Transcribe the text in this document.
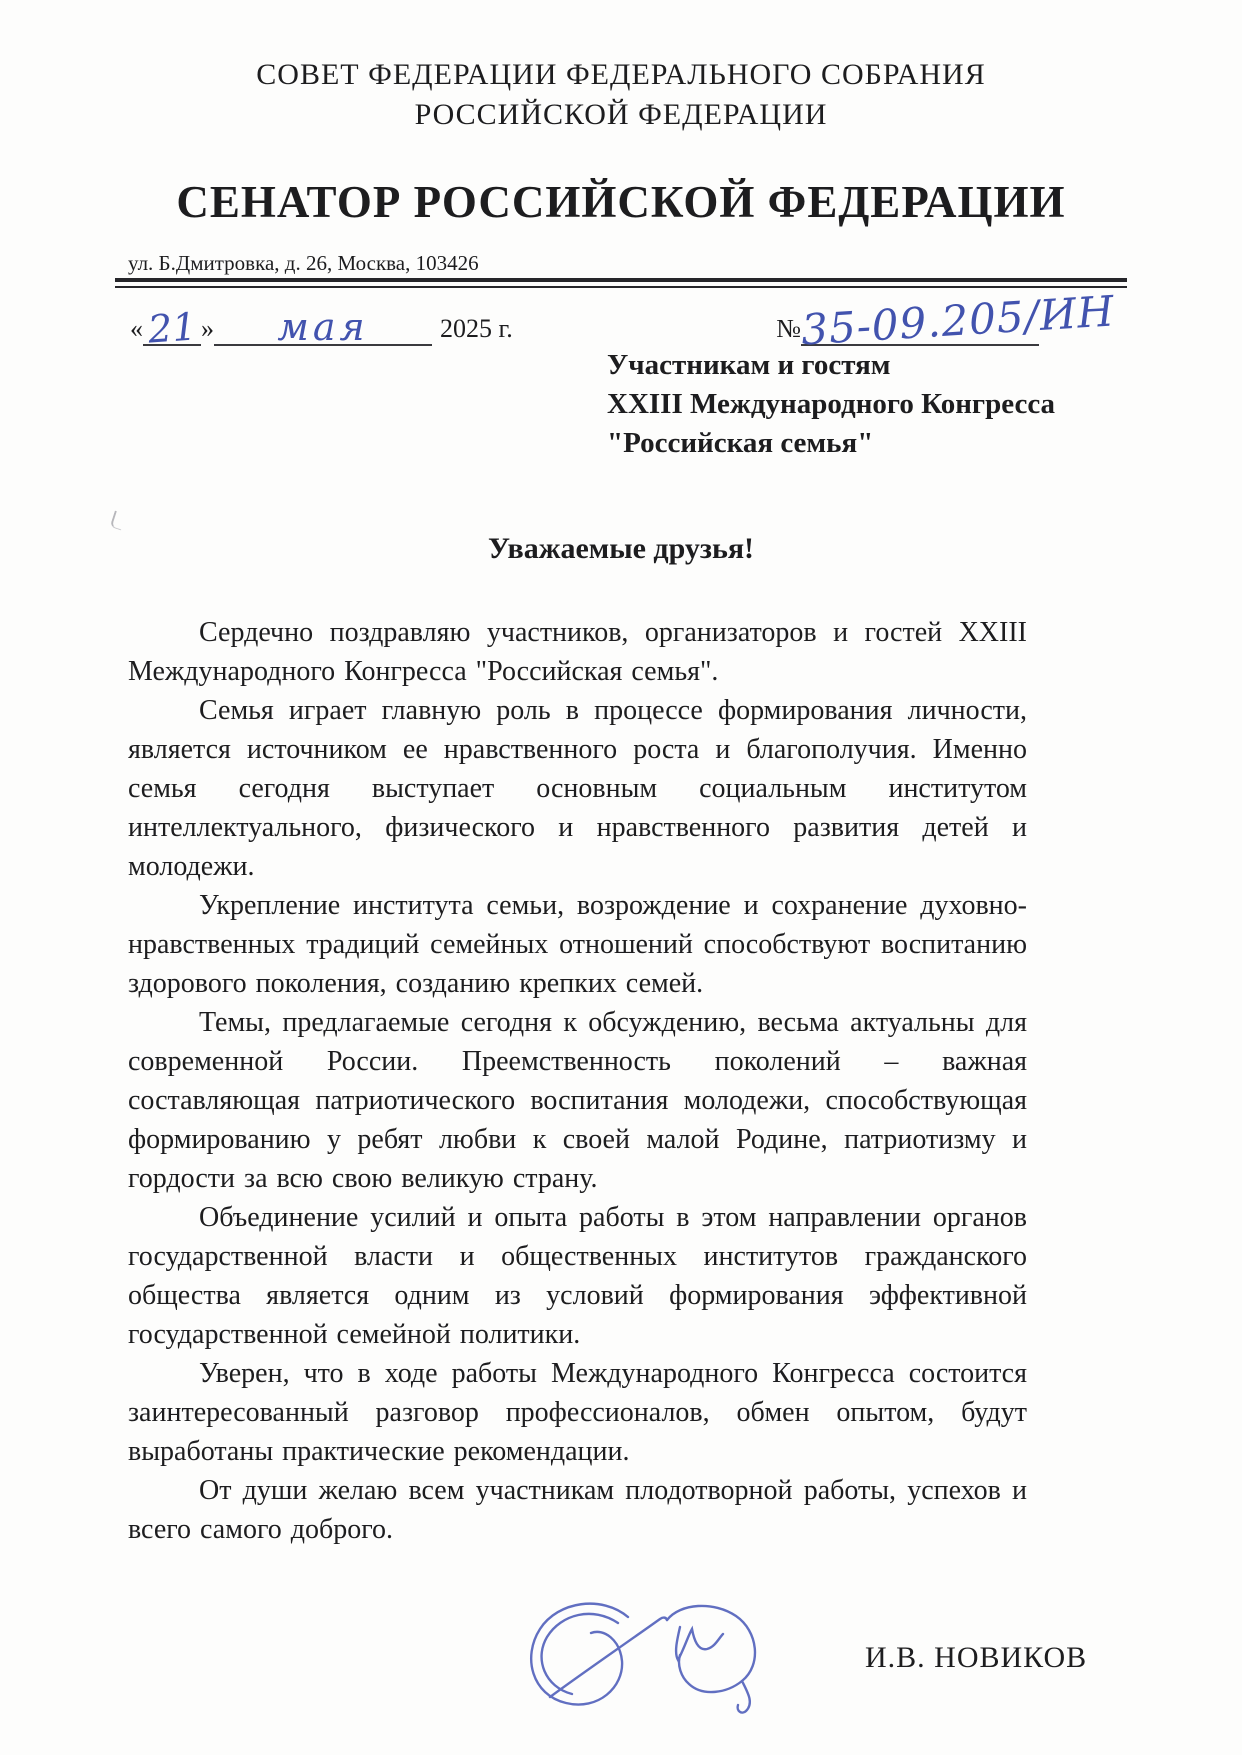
СОВЕТ ФЕДЕРАЦИИ ФЕДЕРАЛЬНОГО СОБРАНИЯ
РОССИЙСКОЙ ФЕДЕРАЦИИ
СЕНАТОР РОССИЙСКОЙ ФЕДЕРАЦИИ
ул. Б.Дмитровка, д. 26, Москва, 103426
«21 » мая	2025 г.	№35-09.205/ИН
Участникам и гостям
XXIII Международного Конгресса
"Российская семья"
Уважаемые друзья!

Сердечно поздравляю участников, организаторов и гостей XXIII Международного Конгресса "Российская семья".

Семья играет главную роль в процессе формирования личности, является источником ее нравственного роста и благополучия. Именно семья сегодня выступает основным социальным институтом интеллектуального, физического и нравственного развития детей и молодежи.

Укрепление института семьи, возрождение и сохранение духовно-нравственных традиций семейных отношений способствуют воспитанию здорового поколения, созданию крепких семей.

Темы, предлагаемые сегодня к обсуждению, весьма актуальны для современной России. Преемственность поколений – важная составляющая патриотического воспитания молодежи, способствующая формированию у ребят любви к своей малой Родине, патриотизму и гордости за всю свою великую страну.

Объединение усилий и опыта работы в этом направлении органов государственной власти и общественных институтов гражданского общества является одним из условий формирования эффективной государственной семейной политики.

Уверен, что в ходе работы Международного Конгресса состоится заинтересованный разговор профессионалов, обмен опытом, будут выработаны практические рекомендации.

От души желаю всем участникам плодотворной работы, успехов и всего самого доброго.

И.В. НОВИКОВ
